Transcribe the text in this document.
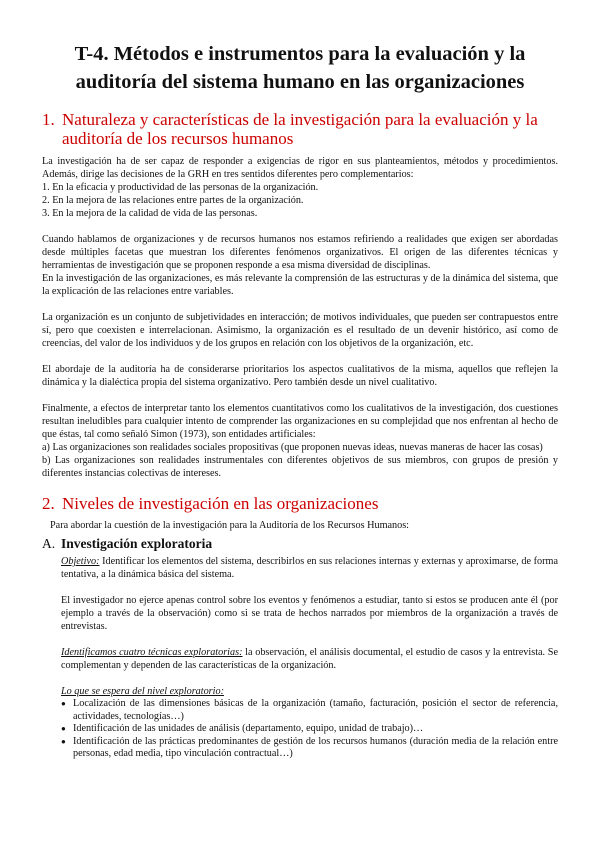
T-4. Métodos e instrumentos para la evaluación y la auditoría del sistema humano en las organizaciones
1. Naturaleza y características de la investigación para la evaluación y la auditoría de los recursos humanos

La investigación ha de ser capaz de responder a exigencias de rigor en sus planteamientos, métodos y procedimientos. Además, dirige las decisiones de la GRH en tres sentidos diferentes pero complementarios:

1. En la eficacia y productividad de las personas de la organización.

2. En la mejora de las relaciones entre partes de la organización.

3. En la mejora de la calidad de vida de las personas.

Cuando hablamos de organizaciones y de recursos humanos nos estamos refiriendo a realidades que exigen ser abordadas desde múltiples facetas que muestran los diferentes fenómenos organizativos. El origen de las diferentes técnicas y herramientas de investigación que se proponen responde a esa misma diversidad de disciplinas.

En la investigación de las organizaciones, es más relevante la comprensión de las estructuras y de la dinámica del sistema, que la explicación de las relaciones entre variables.

La organización es un conjunto de subjetividades en interacción; de motivos individuales, que pueden ser contrapuestos entre sí, pero que coexisten e interrelacionan. Asimismo, la organización es el resultado de un devenir histórico, así como de creencias, del valor de los individuos y de los grupos en relación con los objetivos de la organización, etc.

El abordaje de la auditoría ha de considerarse prioritarios los aspectos cualitativos de la misma, aquellos que reflejen la dinámica y la dialéctica propia del sistema organizativo. Pero también desde un nivel cualitativo.

Finalmente, a efectos de interpretar tanto los elementos cuantitativos como los cualitativos de la investigación, dos cuestiones resultan ineludibles para cualquier intento de comprender las organizaciones en su complejidad que nos enfrentan al hecho de que éstas, tal como señaló Simon (1973), son entidades artificiales:

a) Las organizaciones son realidades sociales propositivas (que proponen nuevas ideas, nuevas maneras de hacer las cosas)

b) Las organizaciones son realidades instrumentales con diferentes objetivos de sus miembros, con grupos de presión y diferentes instancias colectivas de intereses.

2. Niveles de investigación en las organizaciones

Para abordar la cuestión de la investigación para la Auditoría de los Recursos Humanos:

A. Investigación exploratoria

Objetivo: Identificar los elementos del sistema, describirlos en sus relaciones internas y externas y aproximarse, de forma tentativa, a la dinámica básica del sistema.

El investigador no ejerce apenas control sobre los eventos y fenómenos a estudiar, tanto si estos se producen ante él (por ejemplo a través de la observación) como si se trata de hechos narrados por miembros de la organización a través de entrevistas.

Identificamos cuatro técnicas exploratorias: la observación, el análisis documental, el estudio de casos y la entrevista. Se complementan y dependen de las características de la organización.

Lo que se espera del nivel exploratorio:

● Localización de las dimensiones básicas de la organización (tamaño, facturación, posición el sector de referencia, actividades, tecnologías…)
● Identificación de las unidades de análisis (departamento, equipo, unidad de trabajo)…
● Identificación de las prácticas predominantes de gestión de los recursos humanos (duración media de la relación entre personas, edad media, tipo vinculación contractual…)
